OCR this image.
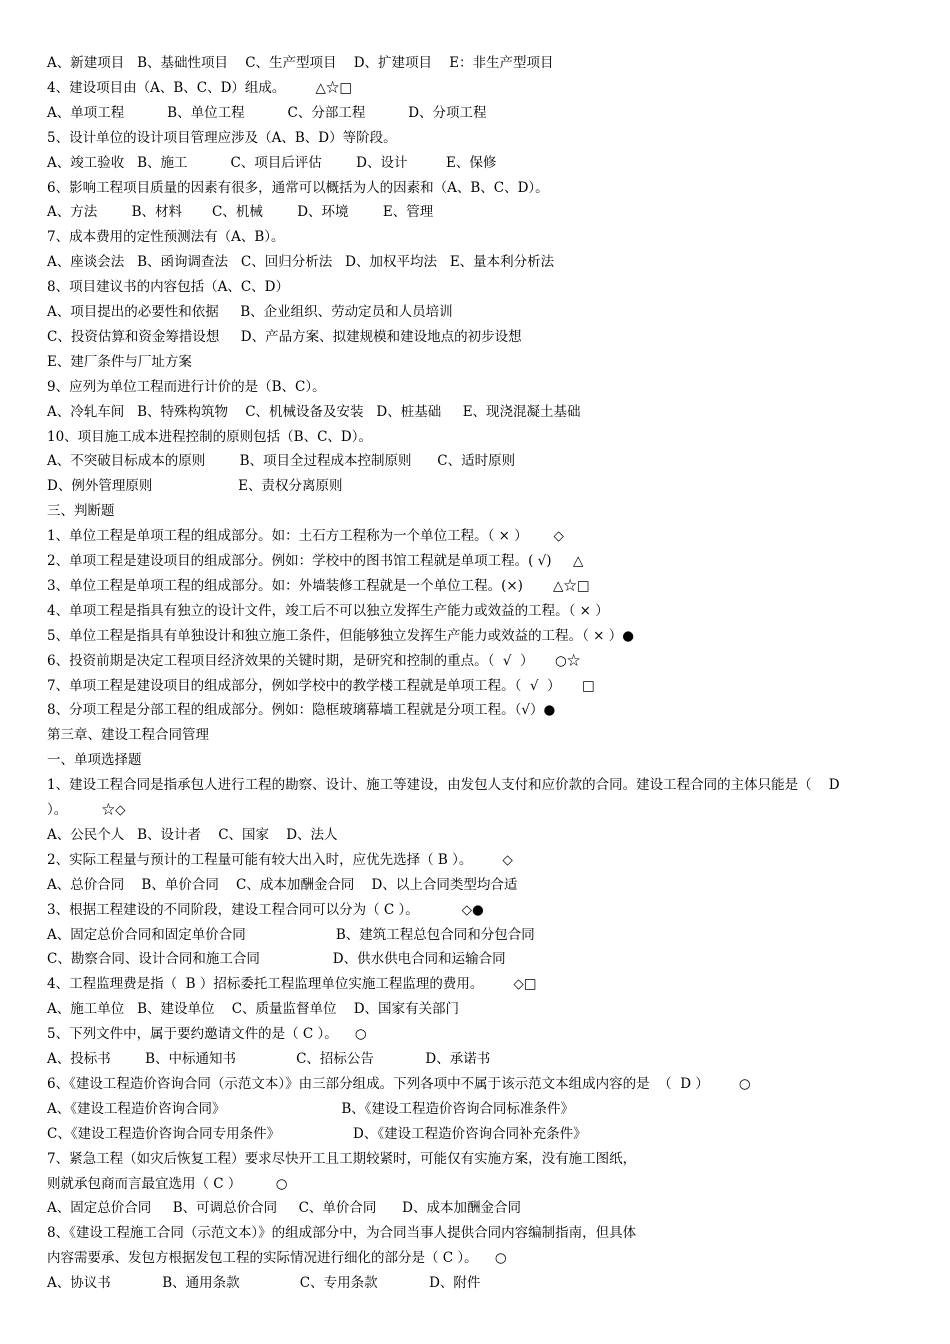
A、新建项目   B、基础性项目    C、生产型项目    D、扩建项目    E：非生产型项目
4、建设项目由（A、B、C、D）组成。       △☆□
A、单项工程          B、单位工程          C、分部工程          D、分项工程
5、设计单位的设计项目管理应涉及（A、B、D）等阶段。
A、竣工验收   B、施工          C、项目后评估        D、设计         E、保修
6、影响工程项目质量的因素有很多，通常可以概括为人的因素和（A、B、C、D）。
A、方法        B、材料       C、机械        D、环境        E、管理
7、成本费用的定性预测法有（A、B）。
A、座谈会法   B、函询调查法   C、回归分析法   D、加权平均法   E、量本利分析法
8、项目建议书的内容包括（A、C、D）
A、项目提出的必要性和依据     B、企业组织、劳动定员和人员培训
C、投资估算和资金筹措设想     D、产品方案、拟建规模和建设地点的初步设想
E、建厂条件与厂址方案
9、应列为单位工程而进行计价的是（B、C）。
A、冷轧车间   B、特殊构筑物    C、机械设备及安装   D、桩基础     E、现浇混凝土基础
10、项目施工成本进程控制的原则包括（B、C、D）。
A、不突破目标成本的原则        B、项目全过程成本控制原则      C、适时原则
D、例外管理原则                    E、责权分离原则
三、判断题
1、单位工程是单项工程的组成部分。如：土石方工程称为一个单位工程。（ × ）      ◇
2、单项工程是建设项目的组成部分。例如：学校中的图书馆工程就是单项工程。( √)     △
3、单位工程是单项工程的组成部分。如：外墙装修工程就是一个单位工程。(×)       △☆□
4、单项工程是指具有独立的设计文件，竣工后不可以独立发挥生产能力或效益的工程。（ × ）
5、单位工程是指具有单独设计和独立施工条件，但能够独立发挥生产能力或效益的工程。（ × ）●
6、投资前期是决定工程项目经济效果的关键时期，是研究和控制的重点。（  √  ）     ○☆
7、单项工程是建设项目的组成部分，例如学校中的教学楼工程就是单项工程。（  √  ）     □
8、分项工程是分部工程的组成部分。例如：隐框玻璃幕墙工程就是分项工程。（√）●
第三章、建设工程合同管理
一、单项选择题
1、建设工程合同是指承包人进行工程的勘察、设计、施工等建设，由发包人支付和应价款的合同。建设工程合同的主体只能是（    D
）。        ☆◇
A、公民个人   B、设计者    C、国家    D、法人
2、实际工程量与预计的工程量可能有较大出入时，应优先选择（ B ）。       ◇
A、总价合同    B、单价合同    C、成本加酬金合同    D、以上合同类型均合适
3、根据工程建设的不同阶段，建设工程合同可以分为（ C ）。          ◇●
A、固定总价合同和固定单价合同                     B、建筑工程总包合同和分包合同
C、勘察合同、设计合同和施工合同                 D、供水供电合同和运输合同
4、工程监理费是指（  B ）招标委托工程监理单位实施工程监理的费用。       ◇□
A、施工单位   B、建设单位    C、质量监督单位    D、国家有关部门
5、下列文件中，属于要约邀请文件的是（ C ）。    ○
A、投标书        B、中标通知书              C、招标公告            D、承诺书
6、《建设工程造价咨询合同（示范文本）》由三部分组成。下列各项中不属于该示范文本组成内容的是  （  D ）       ○
A、《建设工程造价咨询合同》                           B、《建设工程造价咨询合同标准条件》
C、《建设工程造价咨询合同专用条件》                 D、《建设工程造价咨询合同补充条件》
7、紧急工程（如灾后恢复工程）要求尽快开工且工期较紧时，可能仅有实施方案，没有施工图纸，
则就承包商而言最宜选用（ C ）        ○
A、固定总价合同     B、可调总价合同     C、单价合同      D、成本加酬金合同
8、《建设工程施工合同（示范文本）》的组成部分中，为合同当事人提供合同内容编制指南，但具体
内容需要承、发包方根据发包工程的实际情况进行细化的部分是（ C ）。    ○
A、协议书            B、通用条款              C、专用条款            D、附件
